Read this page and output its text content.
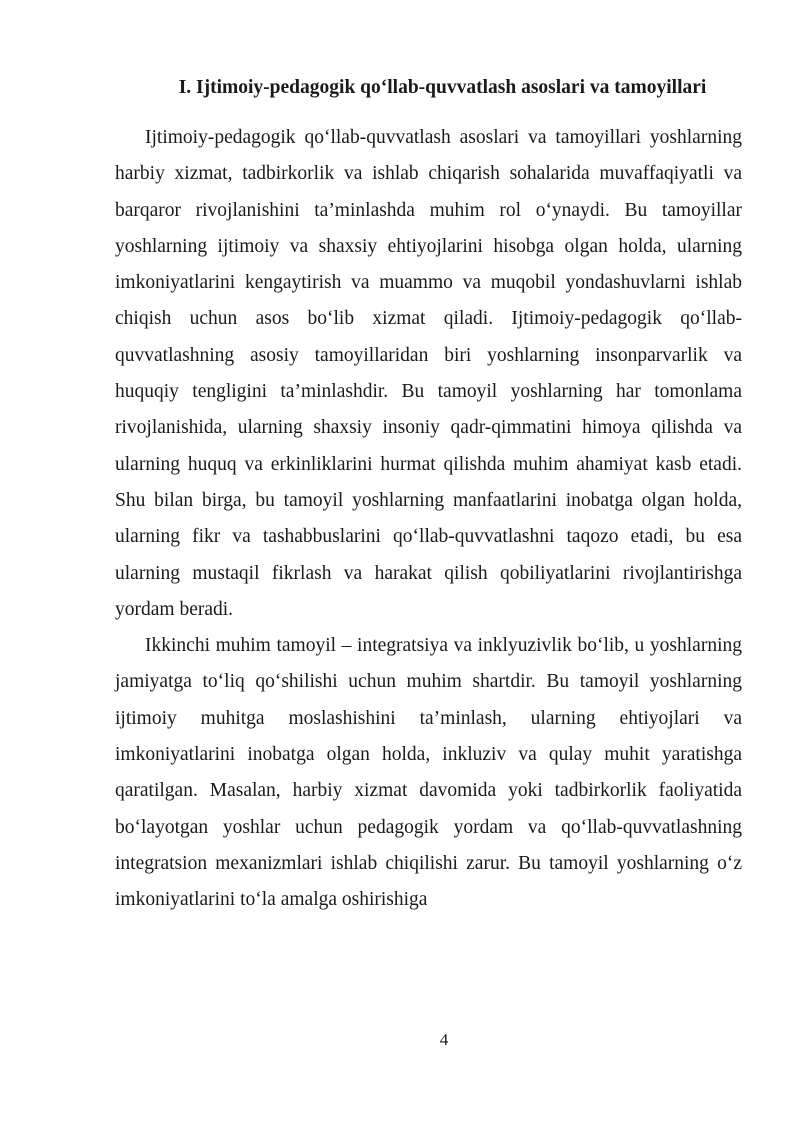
I. Ijtimoiy-pedagogik qo‘llab-quvvatlash asoslari va tamoyillari

Ijtimoiy-pedagogik qo‘llab-quvvatlash asoslari va tamoyillari yoshlarning harbiy xizmat, tadbirkorlik va ishlab chiqarish sohalarida muvaffaqiyatli va barqaror rivojlanishini ta’minlashda muhim rol o‘ynaydi. Bu tamoyillar yoshlarning ijtimoiy va shaxsiy ehtiyojlarini hisobga olgan holda, ularning imkoniyatlarini kengaytirish va muammo va muqobil yondashuvlarni ishlab chiqish uchun asos bo‘lib xizmat qiladi. Ijtimoiy-pedagogik qo‘llab-quvvatlashning asosiy tamoyillaridan biri yoshlarning insonparvarlik va huquqiy tengligini ta’minlashdir. Bu tamoyil yoshlarning har tomonlama rivojlanishida, ularning shaxsiy insoniy qadr-qimmatini himoya qilishda va ularning huquq va erkinliklarini hurmat qilishda muhim ahamiyat kasb etadi. Shu bilan birga, bu tamoyil yoshlarning manfaatlarini inobatga olgan holda, ularning fikr va tashabbuslarini qo‘llab-quvvatlashni taqozo etadi, bu esa ularning mustaqil fikrlash va harakat qilish qobiliyatlarini rivojlantirishga yordam beradi.

Ikkinchi muhim tamoyil – integratsiya va inklyuzivlik bo‘lib, u yoshlarning jamiyatga to‘liq qo‘shilishi uchun muhim shartdir. Bu tamoyil yoshlarning ijtimoiy muhitga moslashishini ta’minlash, ularning ehtiyojlari va imkoniyatlarini inobatga olgan holda, inkluziv va qulay muhit yaratishga qaratilgan. Masalan, harbiy xizmat davomida yoki tadbirkorlik faoliyatida bo‘layotgan yoshlar uchun pedagogik yordam va qo‘llab-quvvatlashning integratsion mexanizmlari ishlab chiqilishi zarur. Bu tamoyil yoshlarning o‘z imkoniyatlarini to‘la amalga oshirishiga

4
